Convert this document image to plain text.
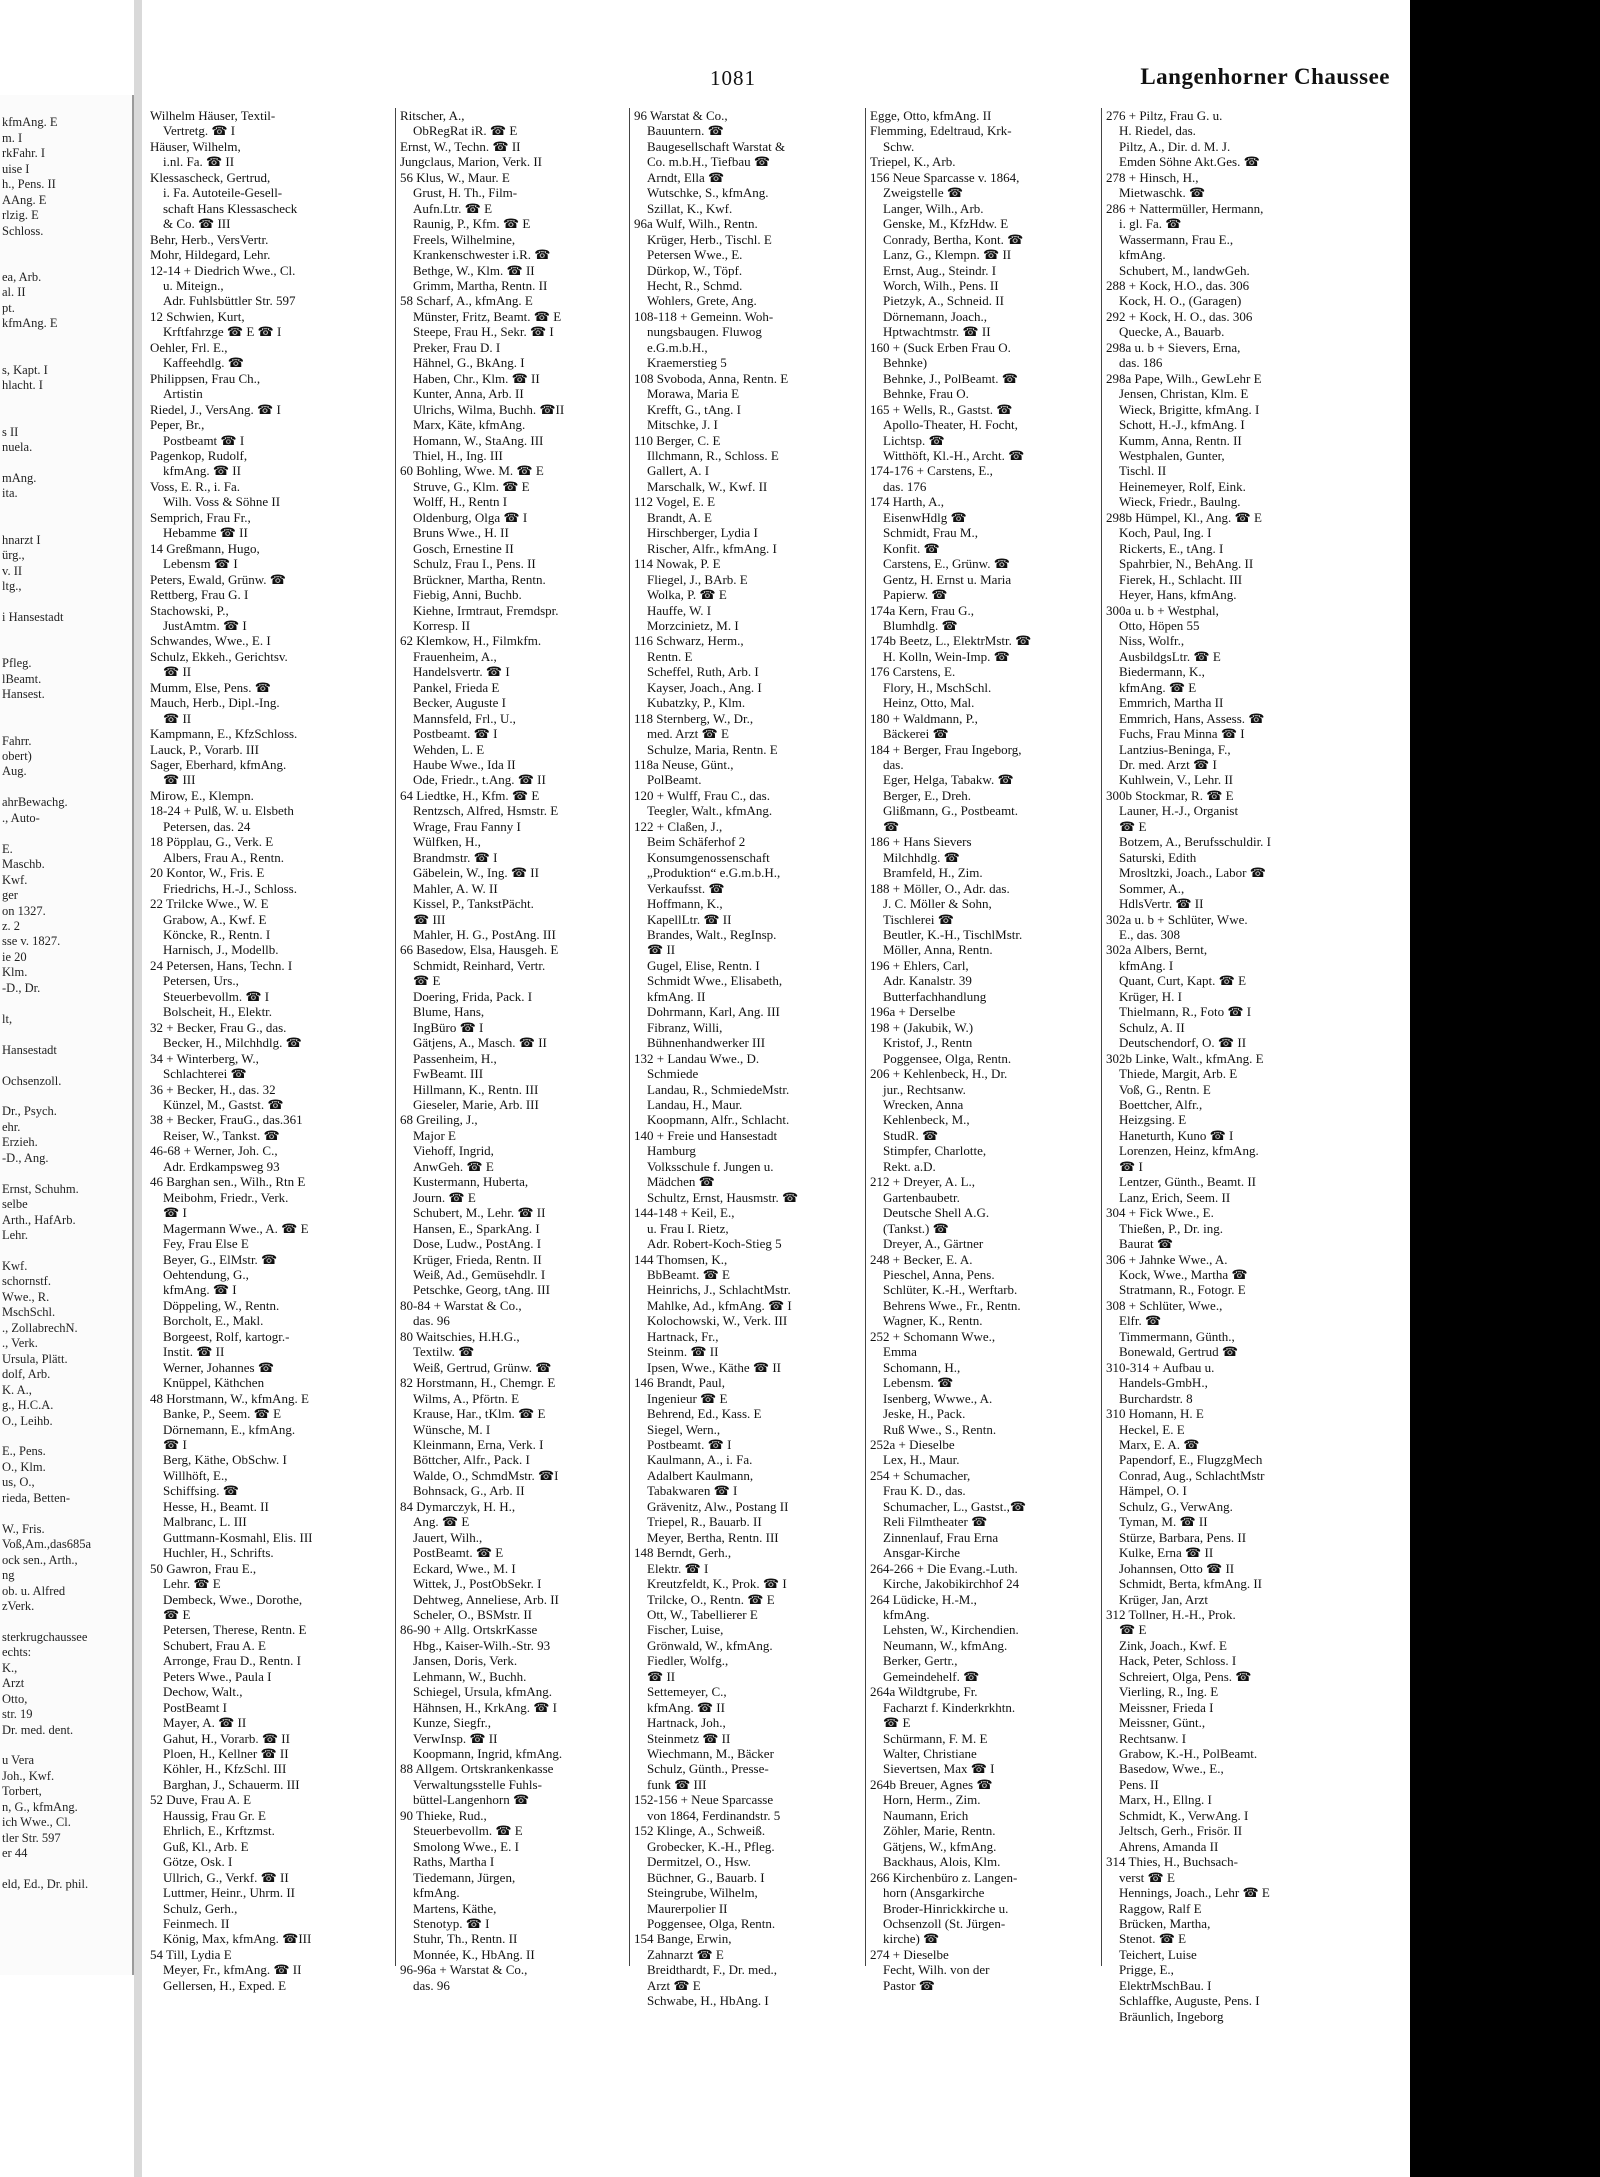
kfmAng. E
m. I
rkFahr. I
uise I
h., Pens. II
AAng. E
rlzig. E
Schloss.

ea, Arb.
al. II
pt.
kfmAng. E

s, Kapt. I
hlacht. I

s II
nuela.

mAng.
ita.

hnarzt I
ürg.,
v. II
ltg.,

i Hansestadt

Pfleg.
lBeamt.
Hansest.

Fahrr.
obert)
Aug.

ahrBewachg.
., Auto-

E.
Maschb.
Kwf.
ger
on 1327.
z. 2
sse v. 1827.
ie 20
Klm.
-D., Dr.

lt,

Hansestadt

Ochsenzoll.

Dr., Psych.
ehr.
Erzieh.
-D., Ang.

Ernst, Schuhm.
selbe
Arth., HafArb.
Lehr.

Kwf.
schornstf.
Wwe., R.
MschSchl.
., ZollabrechN.
., Verk.
Ursula, Plätt.
dolf, Arb.
K. A.,
g., H.C.A.
O., Leihb.

E., Pens.
O., Klm.
us, O.,
rieda, Betten-

W., Fris.
Voß,Am.,das685a
ock sen., Arth.,
ng
ob. u. Alfred
zVerk.

sterkrugchaussee
echts:
K.,
Arzt
Otto,
str. 19
Dr. med. dent.

u Vera
Joh., Kwf.
Torbert,
n, G., kfmAng.
ich Wwe., Cl.
tler Str. 597
er 44

eld, Ed., Dr. phil.
1081	Langenhorner Chaussee
Wilhelm Häuser, Textil-
Vertretg. ☎ I
Häuser, Wilhelm,
i.nl. Fa. ☎ II
Klessascheck, Gertrud,
i. Fa. Autoteile-Gesell-
schaft Hans Klessascheck
& Co. ☎ III
Behr, Herb., VersVertr.
Mohr, Hildegard, Lehr.
12-14 + Diedrich Wwe., Cl.
u. Miteign.,
Adr. Fuhlsbüttler Str. 597
12 Schwien, Kurt,
Krftfahrzge ☎ E ☎ I
Oehler, Frl. E.,
Kaffeehdlg. ☎
Philippsen, Frau Ch.,
Artistin
Riedel, J., VersAng. ☎ I
Peper, Br.,
Postbeamt ☎ I
Pagenkop, Rudolf,
kfmAng. ☎ II
Voss, E. R., i. Fa.
Wilh. Voss & Söhne II
Semprich, Frau Fr.,
Hebamme ☎ II
14 Greßmann, Hugo,
Lebensm ☎ I
Peters, Ewald, Grünw. ☎
Rettberg, Frau G. I
Stachowski, P.,
JustAmtm. ☎ I
Schwandes, Wwe., E. I
Schulz, Ekkeh., Gerichtsv.
☎ II
Mumm, Else, Pens. ☎
Mauch, Herb., Dipl.-Ing.
☎ II
Kampmann, E., KfzSchloss.
Lauck, P., Vorarb. III
Sager, Eberhard, kfmAng.
☎ III
Mirow, E., Klempn.
18-24 + Pulß, W. u. Elsbeth
Petersen, das. 24
18 Pöpplau, G., Verk. E
Albers, Frau A., Rentn.
20 Kontor, W., Fris. E
Friedrichs, H.-J., Schloss.
22 Trilcke Wwe., W. E
Grabow, A., Kwf. E
Köncke, R., Rentn. I
Harnisch, J., Modellb.
24 Petersen, Hans, Techn. I
Petersen, Urs.,
Steuerbevollm. ☎ I
Bolscheit, H., Elektr.
32 + Becker, Frau G., das.
Becker, H., Milchhdlg. ☎
34 + Winterberg, W.,
Schlachterei ☎
36 + Becker, H., das. 32
Künzel, M., Gastst. ☎
38 + Becker, FrauG., das.361
Reiser, W., Tankst. ☎
46-68 + Werner, Joh. C.,
Adr. Erdkampsweg 93
46 Barghan sen., Wilh., Rtn E
Meibohm, Friedr., Verk.
☎ I
Magermann Wwe., A. ☎ E
Fey, Frau Else E
Beyer, G., ElMstr. ☎
Oehtendung, G.,
kfmAng. ☎ I
Döppeling, W., Rentn.
Borcholt, E., Makl.
Borgeest, Rolf, kartogr.-
Instit. ☎ II
Werner, Johannes ☎
Knüppel, Käthchen
48 Horstmann, W., kfmAng. E
Banke, P., Seem. ☎ E
Dörnemann, E., kfmAng.
☎ I
Berg, Käthe, ObSchw. I
Willhöft, E.,
Schiffsing. ☎
Hesse, H., Beamt. II
Malbranc, L. III
Guttmann-Kosmahl, Elis. III
Huchler, H., Schrifts.
50 Gawron, Frau E.,
Lehr. ☎ E
Dembeck, Wwe., Dorothe,
☎ E
Petersen, Therese, Rentn. E
Schubert, Frau A. E
Arronge, Frau D., Rentn. I
Peters Wwe., Paula I
Dechow, Walt.,
PostBeamt I
Mayer, A. ☎ II
Gahut, H., Vorarb. ☎ II
Ploen, H., Kellner ☎ II
Köhler, H., KfzSchl. III
Barghan, J., Schauerm. III
52 Duve, Frau A. E
Haussig, Frau Gr. E
Ehrlich, E., Krftzmst.
Guß, Kl., Arb. E
Götze, Osk. I
Ullrich, G., Verkf. ☎ II
Luttmer, Heinr., Uhrm. II
Schulz, Gerh.,
Feinmech. II
König, Max, kfmAng. ☎III
54 Till, Lydia E
Meyer, Fr., kfmAng. ☎ II
Gellersen, H., Exped. E
Ritscher, A.,
ObRegRat iR. ☎ E
Ernst, W., Techn. ☎ II
Jungclaus, Marion, Verk. II
56 Klus, W., Maur. E
Grust, H. Th., Film-
Aufn.Ltr. ☎ E
Raunig, P., Kfm. ☎ E
Freels, Wilhelmine,
Krankenschwester i.R. ☎
Bethge, W., Klm. ☎ II
Grimm, Martha, Rentn. II
58 Scharf, A., kfmAng. E
Münster, Fritz, Beamt. ☎ E
Steepe, Frau H., Sekr. ☎ I
Preker, Frau D. I
Hähnel, G., BkAng. I
Haben, Chr., Klm. ☎ II
Kunter, Anna, Arb. II
Ulrichs, Wilma, Buchh. ☎II
Marx, Käte, kfmAng.
Homann, W., StaAng. III
Thiel, H., Ing. III
60 Bohling, Wwe. M. ☎ E
Struve, G., Klm. ☎ E
Wolff, H., Rentn I
Oldenburg, Olga ☎ I
Bruns Wwe., H. II
Gosch, Ernestine II
Schulz, Frau I., Pens. II
Brückner, Martha, Rentn.
Fiebig, Anni, Buchb.
Kiehne, Irmtraut, Fremdspr.
Korresp. II
62 Klemkow, H., Filmkfm.
Frauenheim, A.,
Handelsvertr. ☎ I
Pankel, Frieda E
Becker, Auguste I
Mannsfeld, Frl., U.,
Postbeamt. ☎ I
Wehden, L. E
Haube Wwe., Ida II
Ode, Friedr., t.Ang. ☎ II
64 Liedtke, H., Kfm. ☎ E
Rentzsch, Alfred, Hsmstr. E
Wrage, Frau Fanny I
Wülfken, H.,
Brandmstr. ☎ I
Gäbelein, W., Ing. ☎ II
Mahler, A. W. II
Kissel, P., TankstPächt.
☎ III
Mahler, H. G., PostAng. III
66 Basedow, Elsa, Hausgeh. E
Schmidt, Reinhard, Vertr.
☎ E
Doering, Frida, Pack. I
Blume, Hans,
IngBüro ☎ I
Gätjens, A., Masch. ☎ II
Passenheim, H.,
FwBeamt. III
Hillmann, K., Rentn. III
Gieseler, Marie, Arb. III
68 Greiling, J.,
Major E
Viehoff, Ingrid,
AnwGeh. ☎ E
Kustermann, Huberta,
Journ. ☎ E
Schubert, M., Lehr. ☎ II
Hansen, E., SparkAng. I
Dose, Ludw., PostAng. I
Krüger, Frieda, Rentn. II
Weiß, Ad., Gemüsehdlr. I
Petschke, Georg, tAng. III
80-84 + Warstat & Co.,
das. 96
80 Waitschies, H.H.G.,
Textilw. ☎
Weiß, Gertrud, Grünw. ☎
82 Horstmann, H., Chemgr. E
Wilms, A., Pförtn. E
Krause, Har., tKlm. ☎ E
Wünsche, M. I
Kleinmann, Erna, Verk. I
Böttcher, Alfr., Pack. I
Walde, O., SchmdMstr. ☎I
Bohnsack, G., Arb. II
84 Dymarczyk, H. H.,
Ang. ☎ E
Jauert, Wilh.,
PostBeamt. ☎ E
Eckard, Wwe., M. I
Wittek, J., PostObSekr. I
Dehtweg, Anneliese, Arb. II
Scheler, O., BSMstr. II
86-90 + Allg. OrtskrKasse
Hbg., Kaiser-Wilh.-Str. 93
Jansen, Doris, Verk.
Lehmann, W., Buchh.
Schiegel, Ursula, kfmAng.
Hähnsen, H., KrkAng. ☎ I
Kunze, Siegfr.,
VerwInsp. ☎ II
Koopmann, Ingrid, kfmAng.
88 Allgem. Ortskrankenkasse
Verwaltungsstelle Fuhls-
büttel-Langenhorn ☎
90 Thieke, Rud.,
Steuerbevollm. ☎ E
Smolong Wwe., E. I
Raths, Martha I
Tiedemann, Jürgen,
kfmAng.
Martens, Käthe,
Stenotyp. ☎ I
Stuhr, Th., Rentn. II
Monnée, K., HbAng. II
96-96a + Warstat & Co.,
das. 96
96 Warstat & Co.,
Bauuntern. ☎
Baugesellschaft Warstat &
Co. m.b.H., Tiefbau ☎
Arndt, Ella ☎
Wutschke, S., kfmAng.
Szillat, K., Kwf.
96a Wulf, Wilh., Rentn.
Krüger, Herb., Tischl. E
Petersen Wwe., E.
Dürkop, W., Töpf.
Hecht, R., Schmd.
Wohlers, Grete, Ang.
108-118 + Gemeinn. Woh-
nungsbaugen. Fluwog
e.G.m.b.H.,
Kraemerstieg 5
108 Svoboda, Anna, Rentn. E
Morawa, Maria E
Krefft, G., tAng. I
Mitschke, J. I
110 Berger, C. E
Illchmann, R., Schloss. E
Gallert, A. I
Marschalk, W., Kwf. II
112 Vogel, E. E
Brandt, A. E
Hirschberger, Lydia I
Rischer, Alfr., kfmAng. I
114 Nowak, P. E
Fliegel, J., BArb. E
Wolka, P. ☎ E
Hauffe, W. I
Morzcinietz, M. I
116 Schwarz, Herm.,
Rentn. E
Scheffel, Ruth, Arb. I
Kayser, Joach., Ang. I
Kubatzky, P., Klm.
118 Sternberg, W., Dr.,
med. Arzt ☎ E
Schulze, Maria, Rentn. E
118a Neuse, Günt.,
PolBeamt.
120 + Wulff, Frau C., das.
Teegler, Walt., kfmAng.
122 + Claßen, J.,
Beim Schäferhof 2
Konsumgenossenschaft
„Produktion“ e.G.m.b.H.,
Verkaufsst. ☎
Hoffmann, K.,
KapellLtr. ☎ II
Brandes, Walt., RegInsp.
☎ II
Gugel, Elise, Rentn. I
Schmidt Wwe., Elisabeth,
kfmAng. II
Dohrmann, Karl, Ang. III
Fibranz, Willi,
Bühnenhandwerker III
132 + Landau Wwe., D.
Schmiede
Landau, R., SchmiedeMstr.
Landau, H., Maur.
Koopmann, Alfr., Schlacht.
140 + Freie und Hansestadt
Hamburg
Volksschule f. Jungen u.
Mädchen ☎
Schultz, Ernst, Hausmstr. ☎
144-148 + Keil, E.,
u. Frau I. Rietz,
Adr. Robert-Koch-Stieg 5
144 Thomsen, K.,
BbBeamt. ☎ E
Heinrichs, J., SchlachtMstr.
Mahlke, Ad., kfmAng. ☎ I
Kolochowski, W., Verk. III
Hartnack, Fr.,
Steinm. ☎ II
Ipsen, Wwe., Käthe ☎ II
146 Brandt, Paul,
Ingenieur ☎ E
Behrend, Ed., Kass. E
Siegel, Wern.,
Postbeamt. ☎ I
Kaulmann, A., i. Fa.
Adalbert Kaulmann,
Tabakwaren ☎ I
Grävenitz, Alw., Postang II
Triepel, R., Bauarb. II
Meyer, Bertha, Rentn. III
148 Berndt, Gerh.,
Elektr. ☎ I
Kreutzfeldt, K., Prok. ☎ I
Trilcke, O., Rentn. ☎ E
Ott, W., Tabellierer E
Fischer, Luise,
Grönwald, W., kfmAng.
Fiedler, Wolfg.,
☎ II
Settemeyer, C.,
kfmAng. ☎ II
Hartnack, Joh.,
Steinmetz ☎ II
Wiechmann, M., Bäcker
Schulz, Günth., Presse-
funk ☎ III
152-156 + Neue Sparcasse
von 1864, Ferdinandstr. 5
152 Klinge, A., Schweiß.
Grobecker, K.-H., Pfleg.
Dermitzel, O., Hsw.
Büchner, G., Bauarb. I
Steingrube, Wilhelm,
Maurerpolier II
Poggensee, Olga, Rentn.
154 Bange, Erwin,
Zahnarzt ☎ E
Breidthardt, F., Dr. med.,
Arzt ☎ E
Schwabe, H., HbAng. I
Egge, Otto, kfmAng. II
Flemming, Edeltraud, Krk-
Schw.
Triepel, K., Arb.
156 Neue Sparcasse v. 1864,
Zweigstelle ☎
Langer, Wilh., Arb.
Genske, M., KfzHdw. E
Conrady, Bertha, Kont. ☎
Lanz, G., Klempn. ☎ II
Ernst, Aug., Steindr. I
Worch, Wilh., Pens. II
Pietzyk, A., Schneid. II
Dörnemann, Joach.,
Hptwachtmstr. ☎ II
160 + (Suck Erben Frau O.
Behnke)
Behnke, J., PolBeamt. ☎
Behnke, Frau O.
165 + Wells, R., Gastst. ☎
Apollo-Theater, H. Focht,
Lichtsp. ☎
Witthöft, Kl.-H., Archt. ☎
174-176 + Carstens, E.,
das. 176
174 Harth, A.,
EisenwHdlg ☎
Schmidt, Frau M.,
Konfit. ☎
Carstens, E., Grünw. ☎
Gentz, H. Ernst u. Maria
Papierw. ☎
174a Kern, Frau G.,
Blumhdlg. ☎
174b Beetz, L., ElektrMstr. ☎
H. Kolln, Wein-Imp. ☎
176 Carstens, E.
Flory, H., MschSchl.
Heinz, Otto, Mal.
180 + Waldmann, P.,
Bäckerei ☎
184 + Berger, Frau Ingeborg,
das.
Eger, Helga, Tabakw. ☎
Berger, E., Dreh.
Glißmann, G., Postbeamt.
☎
186 + Hans Sievers
Milchhdlg. ☎
Bramfeld, H., Zim.
188 + Möller, O., Adr. das.
J. C. Möller & Sohn,
Tischlerei ☎
Beutler, K.-H., TischlMstr.
Möller, Anna, Rentn.
196 + Ehlers, Carl,
Adr. Kanalstr. 39
Butterfachhandlung
196a + Derselbe
198 + (Jakubik, W.)
Kristof, J., Rentn
Poggensee, Olga, Rentn.
206 + Kehlenbeck, H., Dr.
jur., Rechtsanw.
Wrecken, Anna
Kehlenbeck, M.,
StudR. ☎
Stimpfer, Charlotte,
Rekt. a.D.
212 + Dreyer, A. L.,
Gartenbaubetr.
Deutsche Shell A.G.
(Tankst.) ☎
Dreyer, A., Gärtner
248 + Becker, E. A.
Pieschel, Anna, Pens.
Schlüter, K.-H., Werftarb.
Behrens Wwe., Fr., Rentn.
Wagner, K., Rentn.
252 + Schomann Wwe.,
Emma
Schomann, H.,
Lebensm. ☎
Isenberg, Wwwe., A.
Jeske, H., Pack.
Ruß Wwe., S., Rentn.
252a + Dieselbe
Lex, H., Maur.
254 + Schumacher,
Frau K. D., das.
Schumacher, L., Gastst.,☎
Reli Filmtheater ☎
Zinnenlauf, Frau Erna
Ansgar-Kirche
264-266 + Die Evang.-Luth.
Kirche, Jakobikirchhof 24
264 Lüdicke, H.-M.,
kfmAng.
Lehsten, W., Kirchendien.
Neumann, W., kfmAng.
Berker, Gertr.,
Gemeindehelf. ☎
264a Wildtgrube, Fr.
Facharzt f. Kinderkrkhtn.
☎ E
Schürmann, F. M. E
Walter, Christiane
Sievertsen, Max ☎ I
264b Breuer, Agnes ☎
Horn, Herm., Zim.
Naumann, Erich
Zöhler, Marie, Rentn.
Gätjens, W., kfmAng.
Backhaus, Alois, Klm.
266 Kirchenbüro z. Langen-
horn (Ansgarkirche
Broder-Hinrickkirche u.
Ochsenzoll (St. Jürgen-
kirche) ☎
274 + Dieselbe
Fecht, Wilh. von der
Pastor ☎
276 + Piltz, Frau G. u.
H. Riedel, das.
Piltz, A., Dir. d. M. J.
Emden Söhne Akt.Ges. ☎
278 + Hinsch, H.,
Mietwaschk. ☎
286 + Nattermüller, Hermann,
i. gl. Fa. ☎
Wassermann, Frau E.,
kfmAng.
Schubert, M., landwGeh.
288 + Kock, H.O., das. 306
Kock, H. O., (Garagen)
292 + Kock, H. O., das. 306
Quecke, A., Bauarb.
298a u. b + Sievers, Erna,
das. 186
298a Pape, Wilh., GewLehr E
Jensen, Christan, Klm. E
Wieck, Brigitte, kfmAng. I
Schott, H.-J., kfmAng. I
Kumm, Anna, Rentn. II
Westphalen, Gunter,
Tischl. II
Heinemeyer, Rolf, Eink.
Wieck, Friedr., Baulng.
298b Hümpel, Kl., Ang. ☎ E
Koch, Paul, Ing. I
Rickerts, E., tAng. I
Spahrbier, N., BehAng. II
Fierek, H., Schlacht. III
Heyer, Hans, kfmAng.
300a u. b + Westphal,
Otto, Höpen 55
Niss, Wolfr.,
AusbildgsLtr. ☎ E
Biedermann, K.,
kfmAng. ☎ E
Emmrich, Martha II
Emmrich, Hans, Assess. ☎
Fuchs, Frau Minna ☎ I
Lantzius-Beninga, F.,
Dr. med. Arzt ☎ I
Kuhlwein, V., Lehr. II
300b Stockmar, R. ☎ E
Launer, H.-J., Organist
☎ E
Botzem, A., Berufsschuldir. I
Saturski, Edith
Mrosltzki, Joach., Labor ☎
Sommer, A.,
HdlsVertr. ☎ II
302a u. b + Schlüter, Wwe.
E., das. 308
302a Albers, Bernt,
kfmAng. I
Quant, Curt, Kapt. ☎ E
Krüger, H. I
Thielmann, R., Foto ☎ I
Schulz, A. II
Deutschendorf, O. ☎ II
302b Linke, Walt., kfmAng. E
Thiede, Margit, Arb. E
Voß, G., Rentn. E
Boettcher, Alfr.,
Heizgsing. E
Haneturth, Kuno ☎ I
Lorenzen, Heinz, kfmAng.
☎ I
Lentzer, Günth., Beamt. II
Lanz, Erich, Seem. II
304 + Fick Wwe., E.
Thießen, P., Dr. ing.
Baurat ☎
306 + Jahnke Wwe., A.
Kock, Wwe., Martha ☎
Stratmann, R., Fotogr. E
308 + Schlüter, Wwe.,
Elfr. ☎
Timmermann, Günth.,
Bonewald, Gertrud ☎
310-314 + Aufbau u.
Handels-GmbH.,
Burchardstr. 8
310 Homann, H. E
Heckel, E. E
Marx, E. A. ☎
Papendorf, E., FlugzgMech
Conrad, Aug., SchlachtMstr
Hämpel, O. I
Schulz, G., VerwAng.
Tyman, M. ☎ II
Stürze, Barbara, Pens. II
Kulke, Erna ☎ II
Johannsen, Otto ☎ II
Schmidt, Berta, kfmAng. II
Krüger, Jan, Arzt
312 Tollner, H.-H., Prok.
☎ E
Zink, Joach., Kwf. E
Hack, Peter, Schloss. I
Schreiert, Olga, Pens. ☎
Vierling, R., Ing. E
Meissner, Frieda I
Meissner, Günt.,
Rechtsanw. I
Grabow, K.-H., PolBeamt.
Basedow, Wwe., E.,
Pens. II
Marx, H., Ellng. I
Schmidt, K., VerwAng. I
Jeltsch, Gerh., Frisör. II
Ahrens, Amanda II
314 Thies, H., Buchsach-
verst ☎ E
Hennings, Joach., Lehr ☎ E
Raggow, Ralf E
Brücken, Martha,
Stenot. ☎ E
Teichert, Luise
Prigge, E.,
ElektrMschBau. I
Schlaffke, Auguste, Pens. I
Bräunlich, Ingeborg
